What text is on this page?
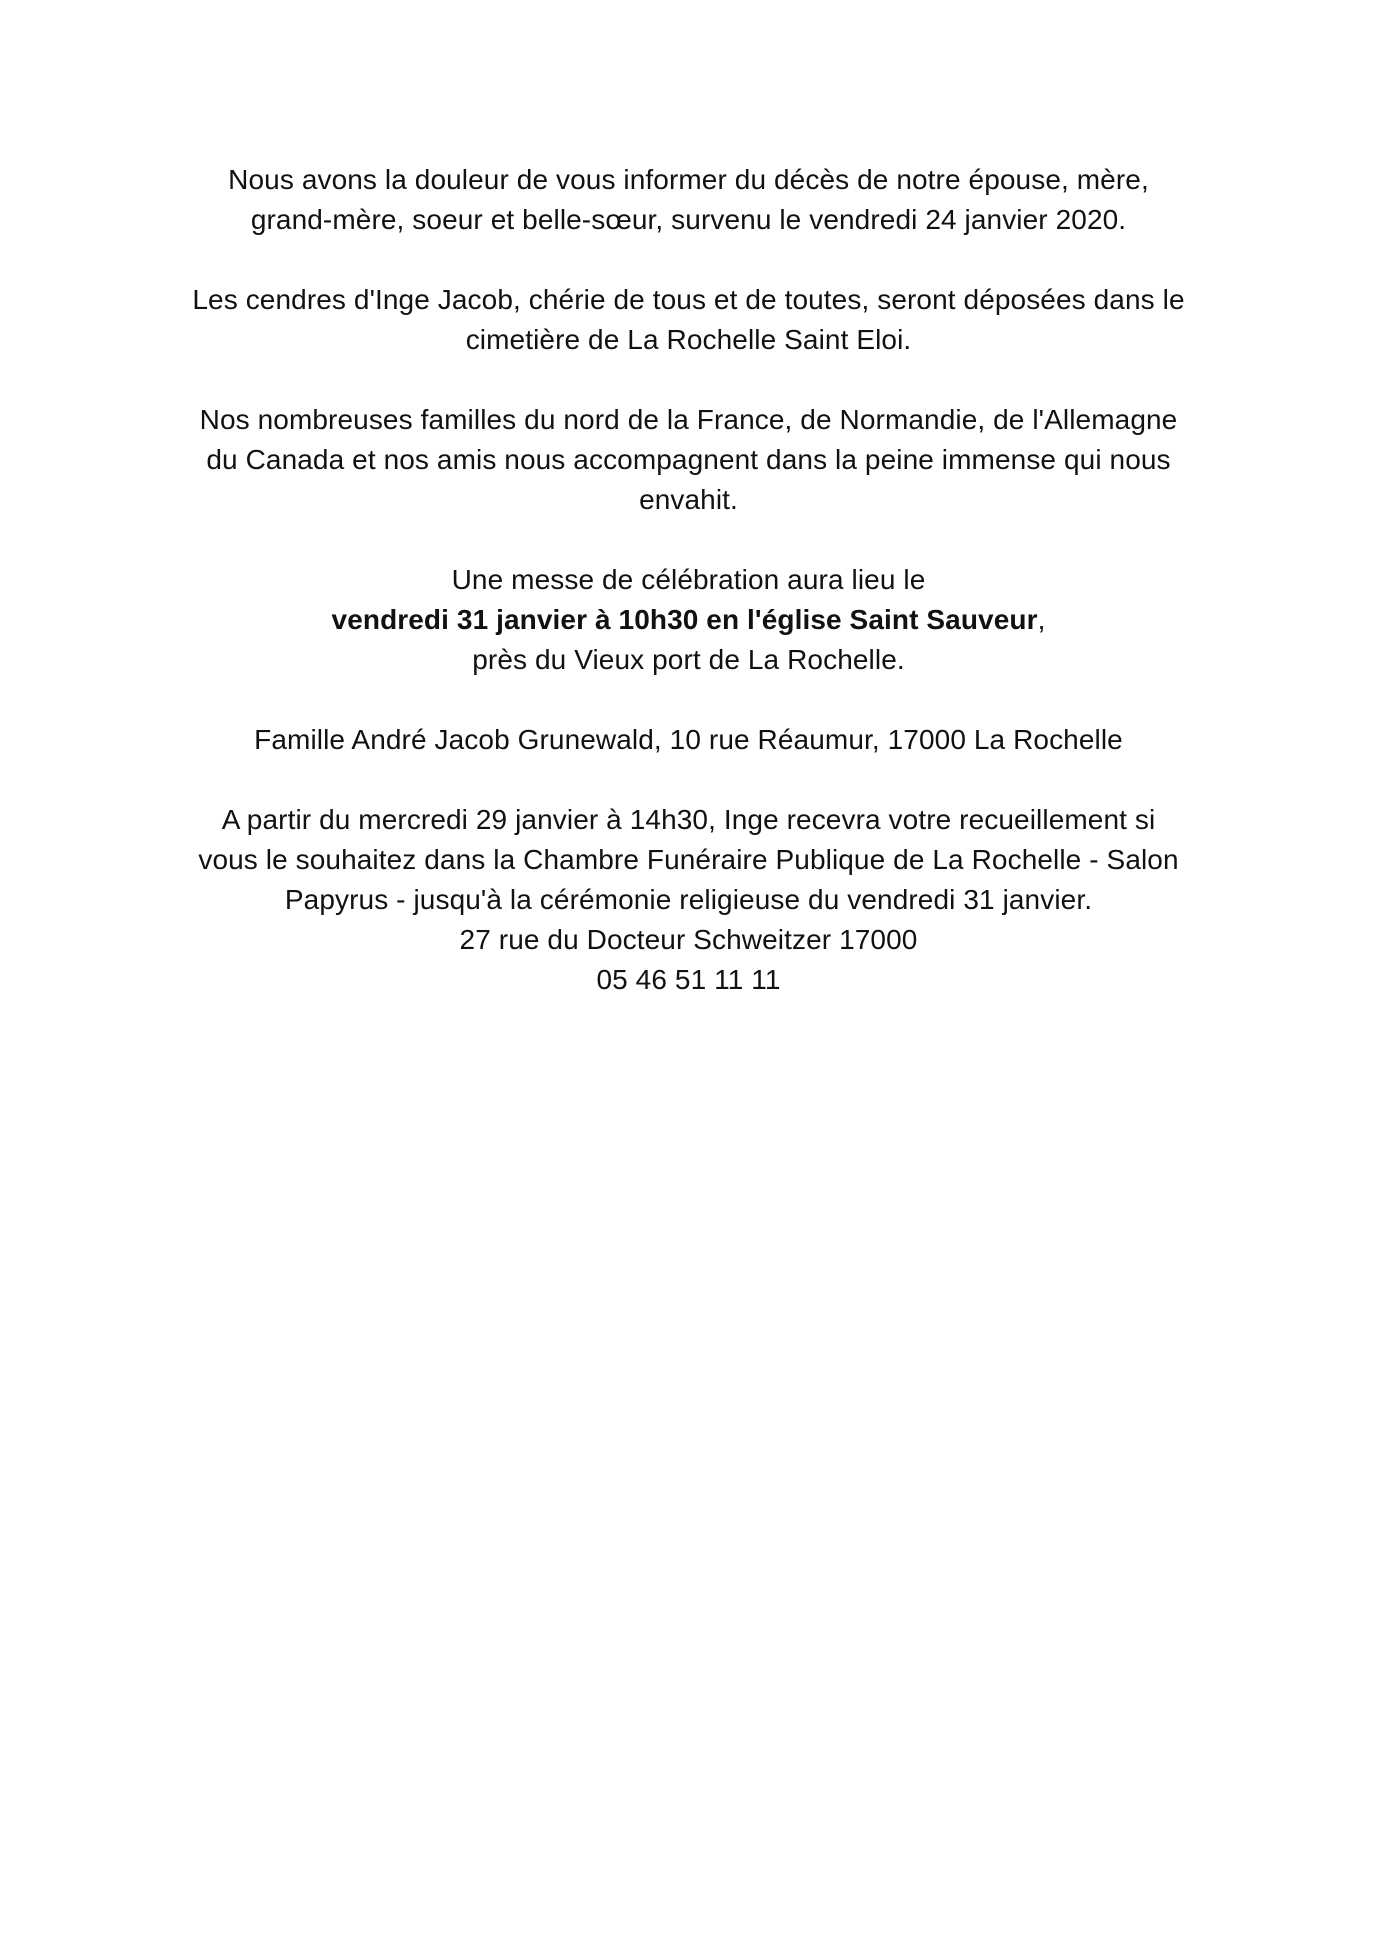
Nous avons la douleur de vous informer du décès de notre épouse, mère,
grand-mère, soeur et belle-sœur, survenu le vendredi 24 janvier 2020.
Les cendres d'Inge Jacob, chérie de tous et de toutes, seront déposées dans le
cimetière de La Rochelle Saint Eloi.
Nos nombreuses familles du nord de la France, de Normandie, de l'Allemagne
du Canada et nos amis nous accompagnent dans la peine immense qui nous
envahit.
Une messe de célébration aura lieu le
vendredi 31 janvier à 10h30 en l'église Saint Sauveur,
près du Vieux port de La Rochelle.
Famille André Jacob Grunewald, 10 rue Réaumur, 17000 La Rochelle
A partir du mercredi 29 janvier à 14h30, Inge recevra votre recueillement si
vous le souhaitez dans la Chambre Funéraire Publique de La Rochelle - Salon
Papyrus - jusqu'à la cérémonie religieuse du vendredi 31 janvier.
27 rue du Docteur Schweitzer 17000
05 46 51 11 11
